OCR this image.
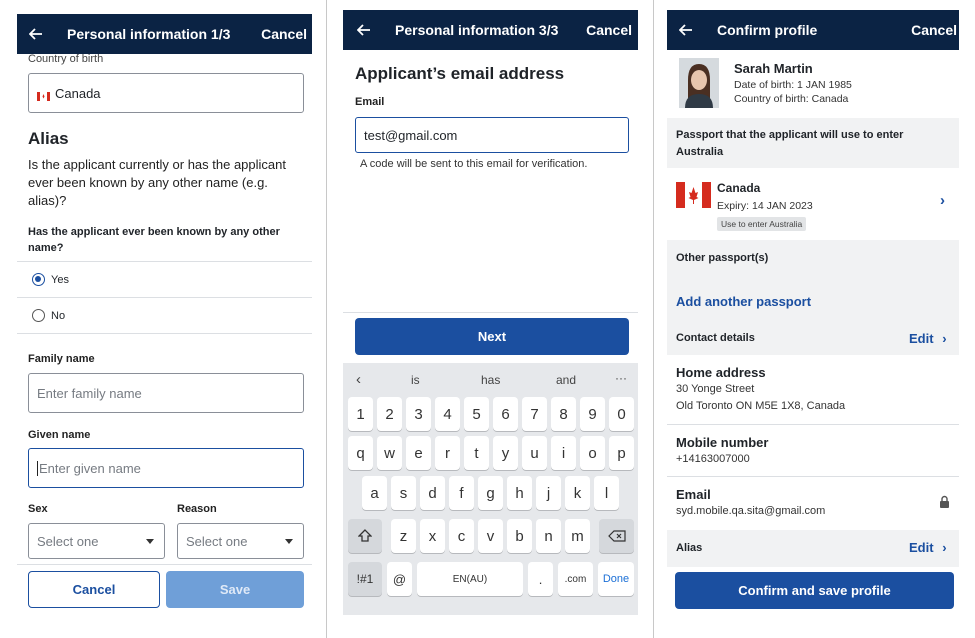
Personal information 1/3 Cancel
Country of birth
Canada
Alias
Is the applicant currently or has the applicant ever been known by any other name (e.g. alias)?
Has the applicant ever been known by any other name?
Yes
No
Family name
Enter family name
Given name
Enter given name
Sex
Select one
Reason
Select one
Cancel	Save
Personal information 3/3 Cancel
Applicant’s email address
Email
test@gmail.com
A code will be sent to this email for verification.
Next
‹	is	has	and	···
1	2	3	4	5	6	7	8	9	0
q	w	e	r	t	y	u	i	o	p
a	s	d	f	g	h	j	k	l
z	x	c	v	b	n	m
!#1	@	EN(AU)	.	.com	Done
Confirm profile	Cancel
Sarah Martin
Date of birth: 1 JAN 1985
Country of birth: Canada
Passport that the applicant will use to enter Australia
Canada
Expiry: 14 JAN 2023
Use to enter Australia
›
Other passport(s)
Add another passport
Contact details	Edit ›
Home address
30 Yonge Street
Old Toronto ON M5E 1X8, Canada
Mobile number
+14163007000
Email
syd.mobile.qa.sita@gmail.com
Alias	Edit ›
Confirm and save profile
